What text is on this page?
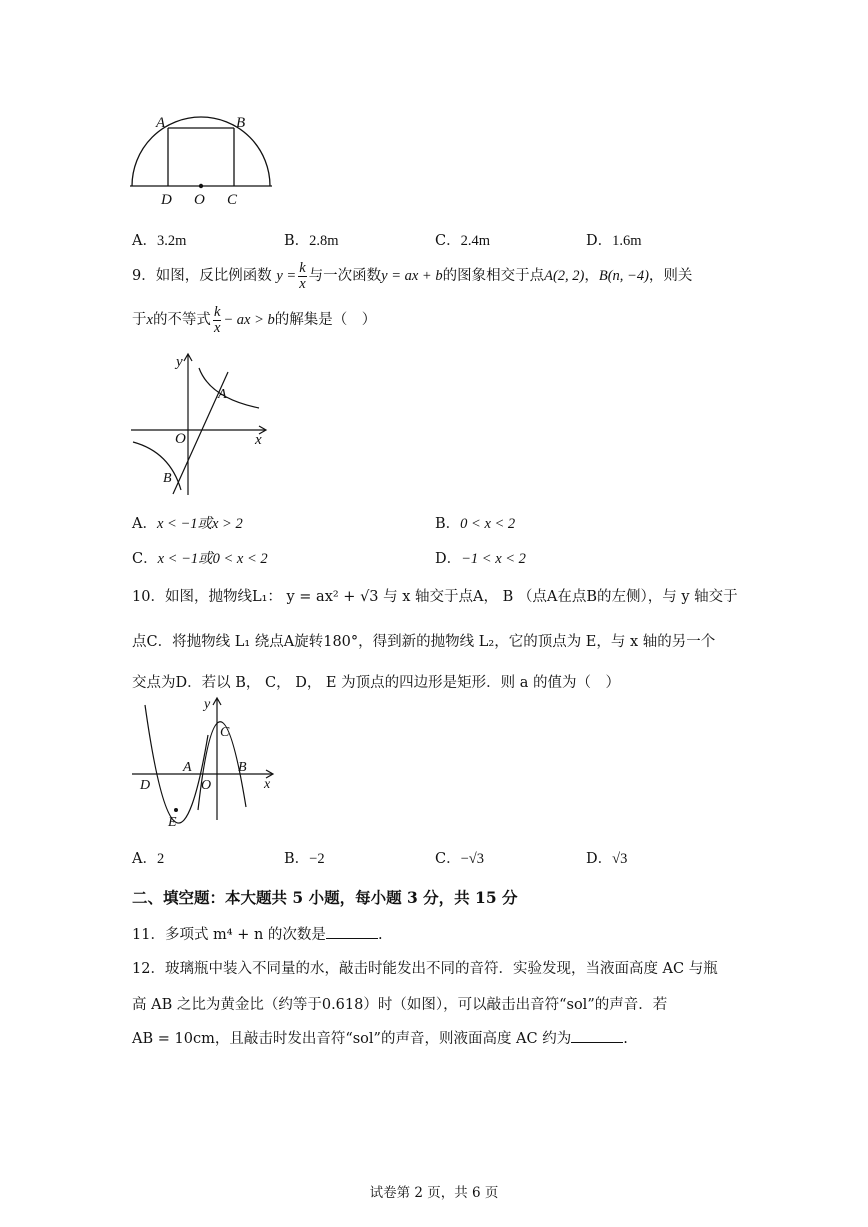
A	B
D O C
A．3.2m	B．2.8m	C．2.4m	D．1.6m
9．如图，反比例函数 $y = \frac{k}{x}$ 与一次函数y = ax + b的图象相交于点A(2, 2)，B(n, −4)，则关
于x的不等式 $\frac{k}{x}$ − ax > b的解集是（　）
y
x
O
A
B
A．x < −1或x > 2	B．0 < x < 2
C．x < −1或0 < x < 2	D．−1 < x < 2
10．如图，抛物线L₁： y = ax² + √3 与 x 轴交于点A， B （点A在点B的左侧），与 y 轴交于
点C．将抛物线 L₁ 绕点A旋转180°，得到新的抛物线 L₂，它的顶点为 E，与 x 轴的另一个
交点为D．若以 B， C， D， E 为顶点的四边形是矩形．则 a 的值为（　）
y
x
C
A	B
D	O
E
A．2	B．−2	C．−√3	D．√3
二、填空题：本大题共 5 小题，每小题 3 分，共 15 分
11．多项式 m⁴ + n 的次数是	.
12．玻璃瓶中装入不同量的水，敲击时能发出不同的音符．实验发现，当液面高度 AC 与瓶
高 AB 之比为黄金比（约等于0.618）时（如图），可以敲击出音符“sol”的声音．若
AB = 10cm，且敲击时发出音符“sol”的声音，则液面高度 AC 约为	.
试卷第 2 页，共 6 页
